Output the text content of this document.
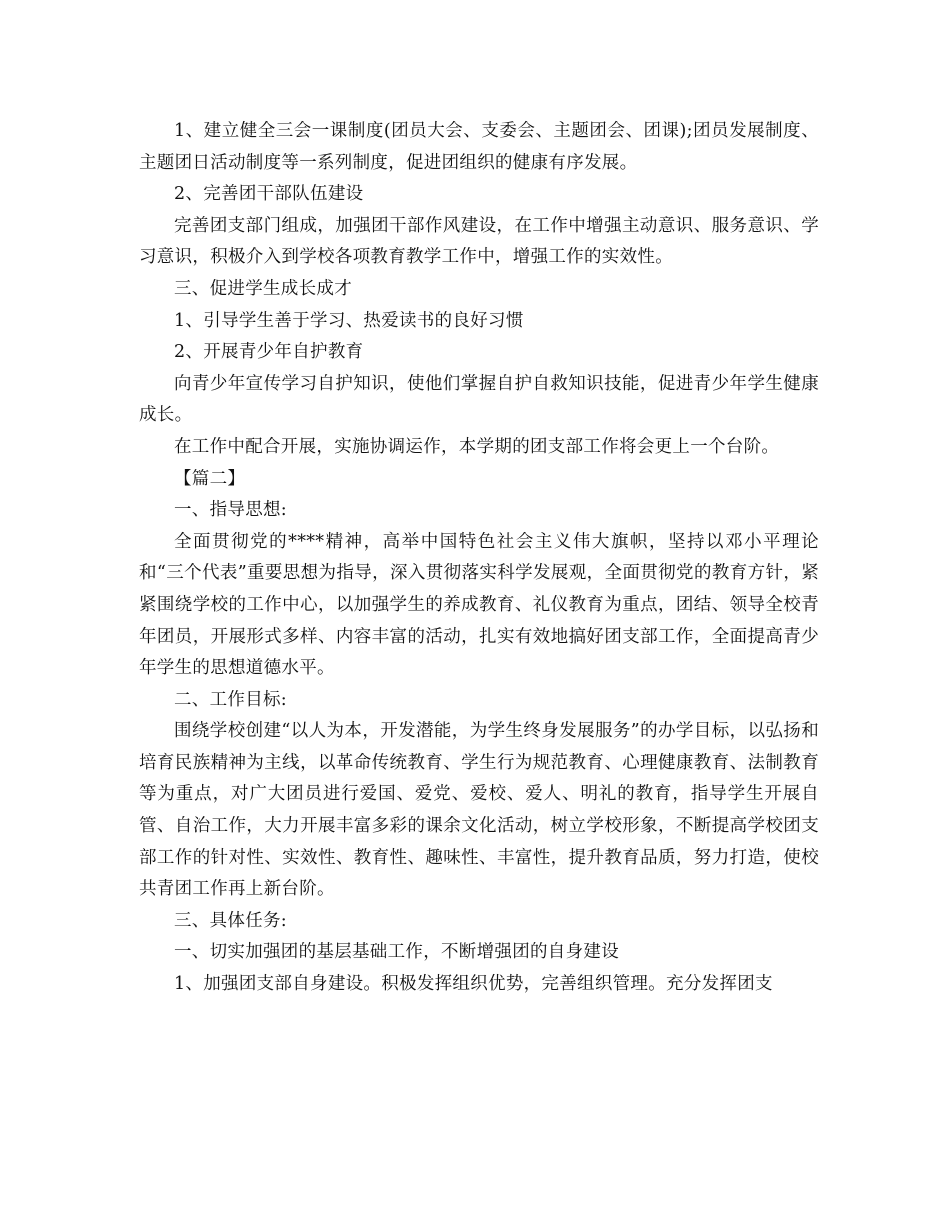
1、建立健全三会一课制度(团员大会、支委会、主题团会、团课);团员发展制度、主题团日活动制度等一系列制度，促进团组织的健康有序发展。

2、完善团干部队伍建设

完善团支部门组成，加强团干部作风建设，在工作中增强主动意识、服务意识、学习意识，积极介入到学校各项教育教学工作中，增强工作的实效性。

三、促进学生成长成才

1、引导学生善于学习、热爱读书的良好习惯

2、开展青少年自护教育

向青少年宣传学习自护知识，使他们掌握自护自救知识技能，促进青少年学生健康成长。

在工作中配合开展，实施协调运作，本学期的团支部工作将会更上一个台阶。

【篇二】

一、指导思想:

全面贯彻党的****精神，高举中国特色社会主义伟大旗帜，坚持以邓小平理论和“三个代表”重要思想为指导，深入贯彻落实科学发展观，全面贯彻党的教育方针，紧紧围绕学校的工作中心，以加强学生的养成教育、礼仪教育为重点，团结、领导全校青年团员，开展形式多样、内容丰富的活动，扎实有效地搞好团支部工作，全面提高青少年学生的思想道德水平。

二、工作目标:

围绕学校创建“以人为本，开发潜能，为学生终身发展服务”的办学目标，以弘扬和培育民族精神为主线，以革命传统教育、学生行为规范教育、心理健康教育、法制教育等为重点，对广大团员进行爱国、爱党、爱校、爱人、明礼的教育，指导学生开展自管、自治工作，大力开展丰富多彩的课余文化活动，树立学校形象，不断提高学校团支部工作的针对性、实效性、教育性、趣味性、丰富性，提升教育品质，努力打造，使校共青团工作再上新台阶。

三、具体任务:

一、切实加强团的基层基础工作，不断增强团的自身建设

1、加强团支部自身建设。积极发挥组织优势，完善组织管理。充分发挥团支
